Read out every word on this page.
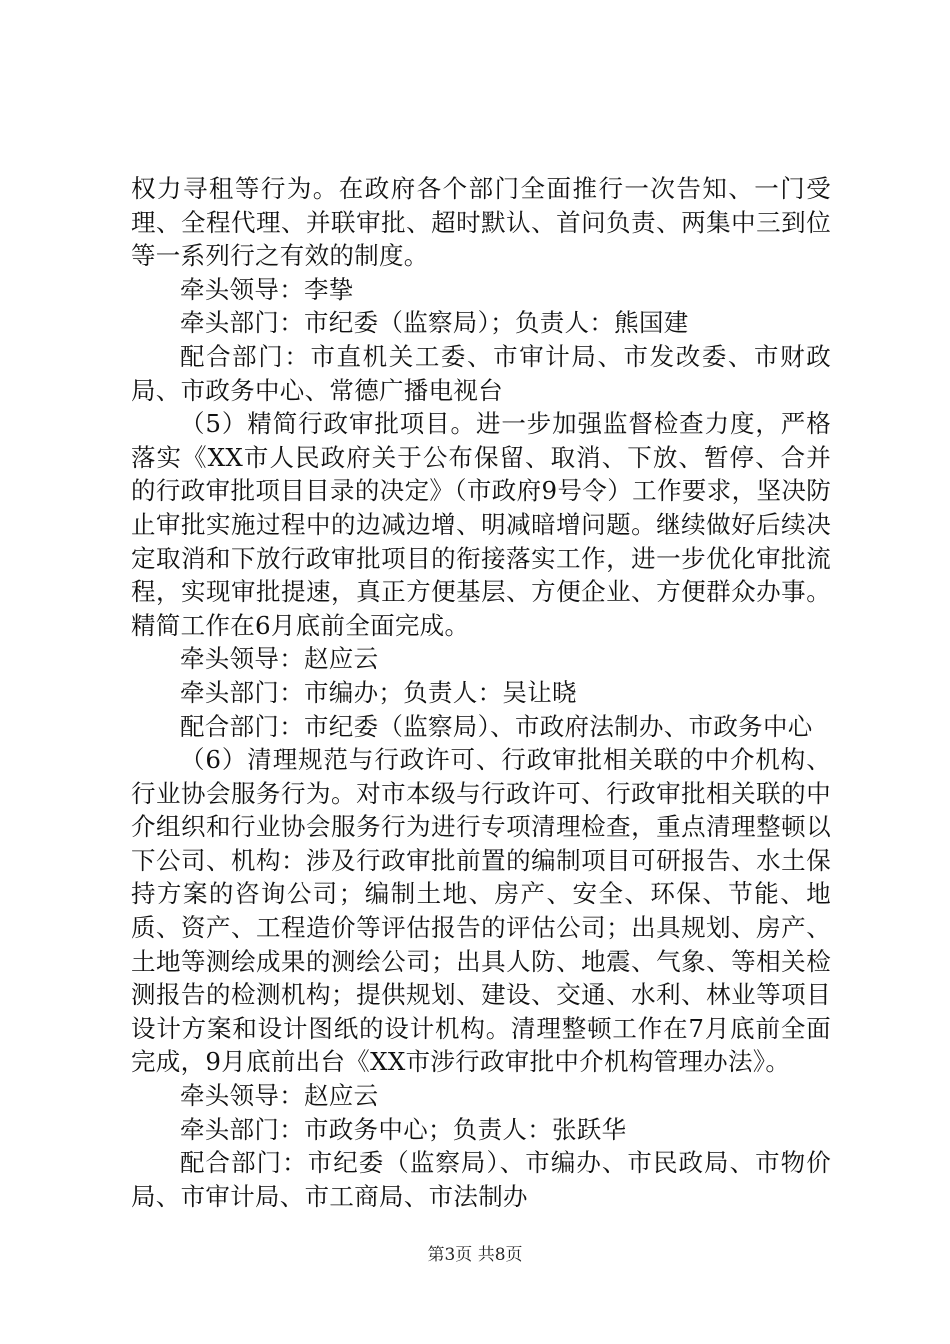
权力寻租等行为。在政府各个部门全面推行一次告知、一门受理、全程代理、并联审批、超时默认、首问负责、两集中三到位等一系列行之有效的制度。

牵头领导：李挚

牵头部门：市纪委（监察局）；负责人：熊国建

配合部门：市直机关工委、市审计局、市发改委、市财政局、市政务中心、常德广播电视台

（5）精简行政审批项目。进一步加强监督检查力度，严格落实《XX市人民政府关于公布保留、取消、下放、暂停、合并的行政审批项目目录的决定》（市政府9号令）工作要求，坚决防止审批实施过程中的边减边增、明减暗增问题。继续做好后续决定取消和下放行政审批项目的衔接落实工作，进一步优化审批流程，实现审批提速，真正方便基层、方便企业、方便群众办事。精简工作在6月底前全面完成。

牵头领导：赵应云

牵头部门：市编办；负责人：吴让晓

配合部门：市纪委（监察局）、市政府法制办、市政务中心

（6）清理规范与行政许可、行政审批相关联的中介机构、行业协会服务行为。对市本级与行政许可、行政审批相关联的中介组织和行业协会服务行为进行专项清理检查，重点清理整顿以下公司、机构：涉及行政审批前置的编制项目可研报告、水土保持方案的咨询公司；编制土地、房产、安全、环保、节能、地质、资产、工程造价等评估报告的评估公司；出具规划、房产、土地等测绘成果的测绘公司；出具人防、地震、气象、等相关检测报告的检测机构；提供规划、建设、交通、水利、林业等项目设计方案和设计图纸的设计机构。清理整顿工作在7月底前全面完成，9月底前出台《XX市涉行政审批中介机构管理办法》。

牵头领导：赵应云

牵头部门：市政务中心；负责人：张跃华

配合部门：市纪委（监察局）、市编办、市民政局、市物价局、市审计局、市工商局、市法制办

第3页 共8页
